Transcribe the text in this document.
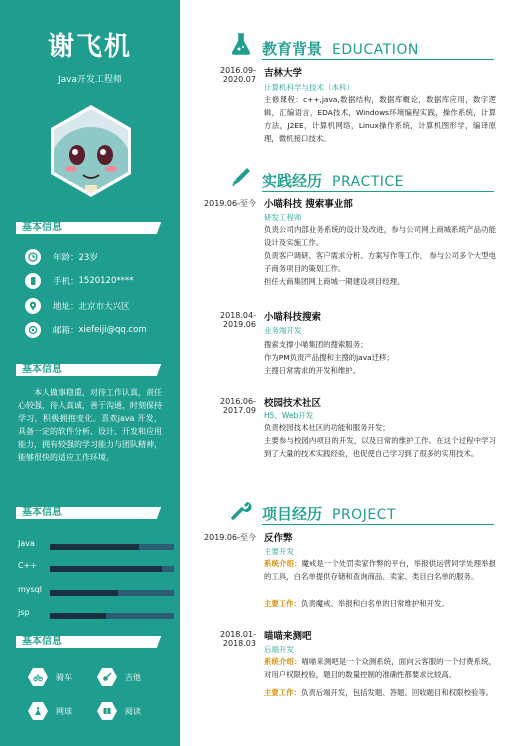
谢飞机
Java开发工程师
基本信息
年龄： 23岁
手机： 1520120****
地址： 北京市大兴区
邮箱： xiefeiji@qq.com
基本信息
本人做事稳重，对待工作认真，责任心较强，待人真诚，善于沟通，时刻保持学习，积极拥抱变化。喜欢java 开发，具备一定的软件分析、设计、开发和应用能力，拥有较强的学习能力与团队精神，能够很快的适应工作环境。
基本信息
Java
C++
mysql
jsp
基本信息
骑车	吉他
网球	阅读
教育背景 EDUCATION
2016.09-2020.07
吉林大学
计算机科学与技术（本科）
主修课程：c++,java,数据结构，数据库概论，数据库应用，数字逻辑，汇编语言，EDA技术，Windows环境编程实践，操作系统，计算方法，J2EE，计算机网络，Linux操作系统，计算机图形学，编译原理，微机接口技术。
实践经历 PRACTICE
2019.06-至今 小喵科技 搜索事业部
研发工程师
负责公司内部业务系统的设计及改进，参与公司网上商城系统产品功能设计及实施工作。
负责客户调研、客户需求分析、方案写作等工作， 参与公司多个大型电子商务项目的策划工作。
担任大商集团网上商城一期建设项目经理。
2018.04-2019.06
小喵科技搜索
业务端开发
搜索支撑小喵集团的搜索服务；
作为PM负责产品搜和主搜的java迁移；
主搜日常需求的开发和维护。
2016.06-2017.09
校园技术社区
H5、Web开发
负责校园技术社区的功能和服务开发；
主要参与校园内项目的开发，以及日常的维护工作。在这个过程中学习到了大量的技术实践经验，也促使自己学习到了很多的实用技术。
项目经历 PROJECT
2019.06-至今 反作弊
主要开发
系统介绍：魔戒是一个处罚卖家作弊的平台，举报供运营同学处理举报的工具，白名单提供存储和查询商品、卖家、类目白名单的服务。
主要工作：负责魔戒、举报和白名单的日常维护和开发。
2018.01-2018.03
喵喵来测吧
后端开发
系统介绍：喵喵来测吧是一个众测系统，面向云客服的一个付费系统，对用户权限校验，题目的数量控制的准确性都要求比较高。
主要工作：负责后端开发，包括发题、答题、回收题目和权限校验等。
